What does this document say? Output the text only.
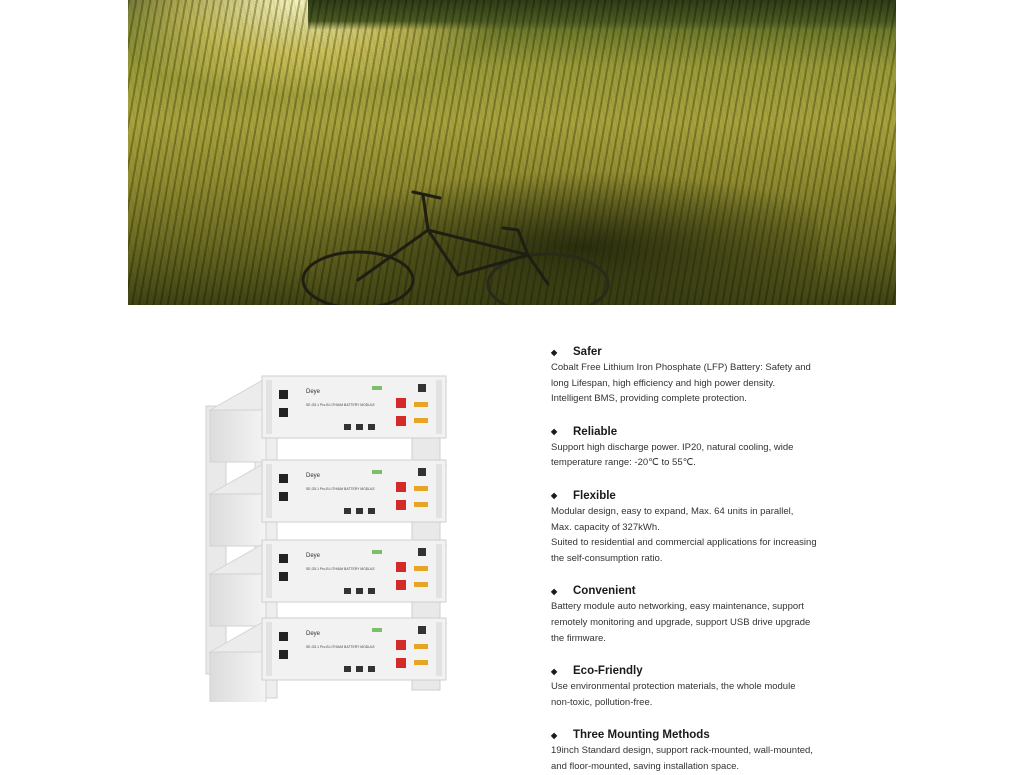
Deye
SE-G5.1 Pro-B LITHIUM BATTERY MODULE
Deye
SE-G5.1 Pro-B LITHIUM BATTERY MODULE
Deye
SE-G5.1 Pro-B LITHIUM BATTERY MODULE
Deye
SE-G5.1 Pro-B LITHIUM BATTERY MODULE
◆	Safer

Cobalt Free Lithium Iron Phosphate (LFP) Battery: Safety and
long Lifespan, high efficiency and high power density.
Intelligent BMS, providing complete protection.

◆	Reliable

Support high discharge power. IP20, natural cooling, wide
temperature range: -20℃ to 55℃.

◆	Flexible

Modular design, easy to expand, Max. 64 units in parallel,
Max. capacity of 327kWh.
Suited to residential and commercial applications for increasing
the self-consumption ratio.

◆	Convenient

Battery module auto networking, easy maintenance, support
remotely monitoring and upgrade, support USB drive upgrade
the firmware.

◆	Eco-Friendly

Use environmental protection materials, the whole module
non-toxic, pollution-free.

◆	Three Mounting Methods

19inch Standard design, support rack-mounted, wall-mounted,
and floor-mounted, saving installation space.
